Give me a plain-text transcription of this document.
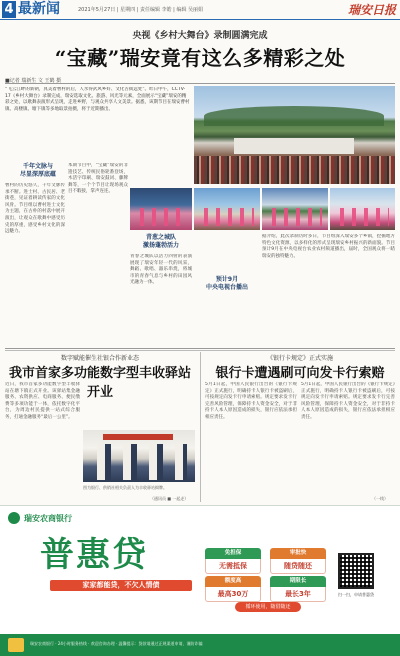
4 最新闻	2021年5月27日 | 星期四 | 责任编辑 李皓 | 编辑 吴丽娟	瑞安日报
央视《乡村大舞台》录制圆满完成
“宝藏”瑞安竟有这么多精彩之处
■记者 瑞新生 文 王鹤 摄
“飞云江畔的新朝，真美着曹村的后，人水得武风乡好、文化古街远处”。昨日中午，CCTV-17《乡村大舞台》录制完成，瑞安选取文化、旅游、风光等元素，全面展示“宝藏”瑞安的精彩之处，以歌舞表演形式呈现，走进乡野，与观众共享人文美景。据悉，该期节目在瑞安曹村镇、高楼镇、塘下镇等多地取景拍摄，将于近期播出。
千年文脉与
尽显深厚底蕴
曹村的历史悠久，千年文脉传承不断。进士村、古民居、老街巷，见证着耕读传家的文化风骨。节目组以曹村进士文化为主题，在古朴的村落中展开演出，让观众在歌舞中感受历史的厚重，感受乡村文化的深远魅力。
本期节目中，“宝藏”瑞安的非遗技艺、传统民俗轮番登场，木活字印刷、瑞安鼓词、藤牌舞等，一个个节目让现场观众目不暇接，掌声连连。
青葱之城队
激扬蓬勃活力
青春之城队以活力四射的表演展现了瑞安年轻一代的风采，舞蹈、歌唱、器乐串烧，将城市的青春气息与乡村的田园风光融为一体。	预计9月
中央电视台播出
据介绍，此次录制历时多日，节目组深入瑞安多个乡镇，挖掘地方特色文化资源，以多样化的形式呈现瑞安乡村振兴的新面貌。节目预计9月在中央电视台农业农村频道播出，届时，全国观众将一睹瑞安的独特魅力。
数字赋能催生社银合作新业态
我市首家多功能数字型丰收驿站开业
近日，我市首家多功能数字型丰收驿站在塘下镇正式开业。该驿站集金融服务、农资供应、电商服务、便民缴费等多项功能于一体，依托数字化平台，为周边村民提供一站式综合服务，打通金融服务“最后一公里”。
图为银行、供销社相关负责人为丰收驿站揭牌。
（通讯员 ■ 一起走）
《银行卡规定》正式实施
银行卡遭遇刷可向发卡行索赔
5月1日起，中国人民银行出台的《银行卡规定》正式施行，明确持卡人银行卡被盗刷后，可按规定向发卡行申请索赔。规定要求发卡行完善风险管理，保障持卡人资金安全，对于非持卡人本人原因造成的损失，银行应依法承担相应责任。
5月1日起，中国人民银行出台的《银行卡规定》正式施行，明确持卡人银行卡被盗刷后，可按规定向发卡行申请索赔。规定要求发卡行完善风险管理，保障持卡人资金安全，对于非持卡人本人原因造成的损失，银行应依法承担相应责任。
（一线）
瑞安农商银行
普惠贷
家家都能贷，不欠人情债
免担保
无需抵保
审批快
随贷随还
额度高
最高30万
期限长
最长3年
循环使用，随借随还
扫一扫，申请普惠贷
瑞安农商银行 · 24小时服务热线 · 欢迎咨询办理 · 温馨提示：贷款请通过正规渠道申请，谨防诈骗
